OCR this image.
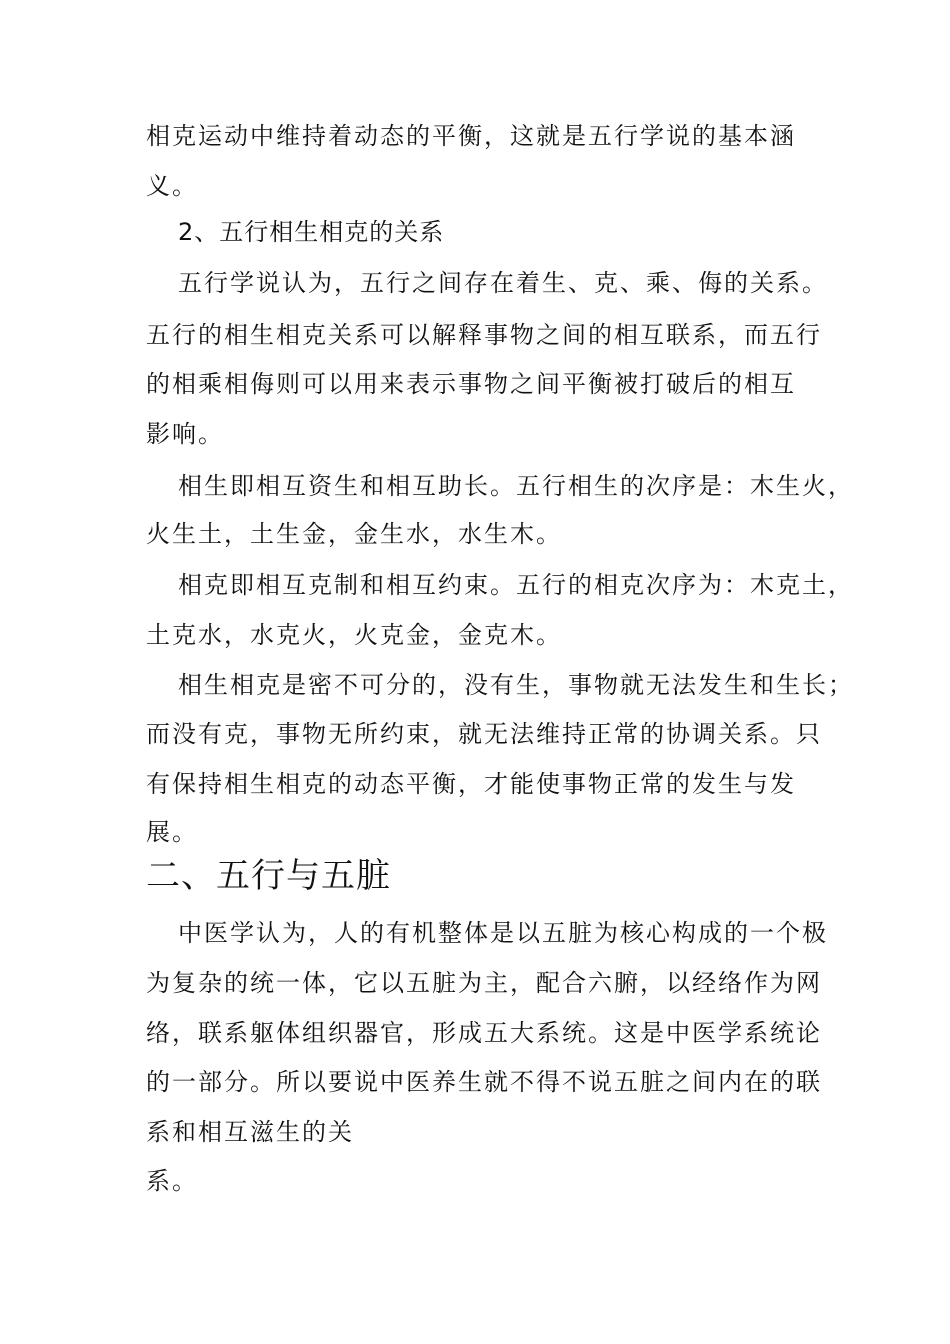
相克运动中维持着动态的平衡，这就是五行学说的基本涵

义。

2、五行相生相克的关系

五行学说认为，五行之间存在着生、克、乘、侮的关系。

五行的相生相克关系可以解释事物之间的相互联系，而五行

的相乘相侮则可以用来表示事物之间平衡被打破后的相互

影响。

相生即相互资生和相互助长。五行相生的次序是：木生火，

火生土，土生金，金生水，水生木。

相克即相互克制和相互约束。五行的相克次序为：木克土，

土克水，水克火，火克金，金克木。

相生相克是密不可分的，没有生，事物就无法发生和生长；

而没有克，事物无所约束，就无法维持正常的协调关系。只

有保持相生相克的动态平衡，才能使事物正常的发生与发

展。

二、五行与五脏

中医学认为，人的有机整体是以五脏为核心构成的一个极

为复杂的统一体，它以五脏为主，配合六腑，以经络作为网

络，联系躯体组织器官，形成五大系统。这是中医学系统论

的一部分。所以要说中医养生就不得不说五脏之间内在的联

系和相互滋生的关

系。
